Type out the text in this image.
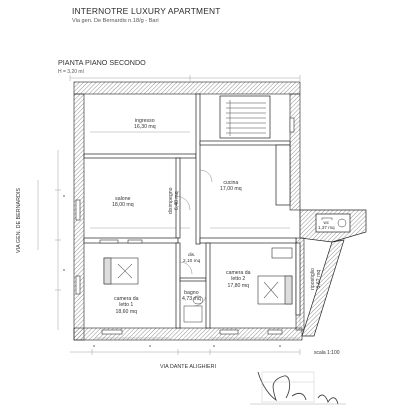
INTERNOTRE LUXURY APARTMENT
Via gen. De Bernardis n.18/g - Bari
PIANTA PIANO SECONDO
H = 3,20 ml
ingresso
16,30 mq
salone
18,00 mq	disimpegno 6,40 mq
cucina
17,00 mq
wc
1,37 mq
dis.
2,10 mq
camera da
letto 2
17,80 mq	ripostiglio 1,62 mq
camera da
letto 1
18,60 mq
bagno
4,73 mq
scala 1:100
VIA DANTE ALIGHIERI
VIA GEN. DE BERNARDIS
